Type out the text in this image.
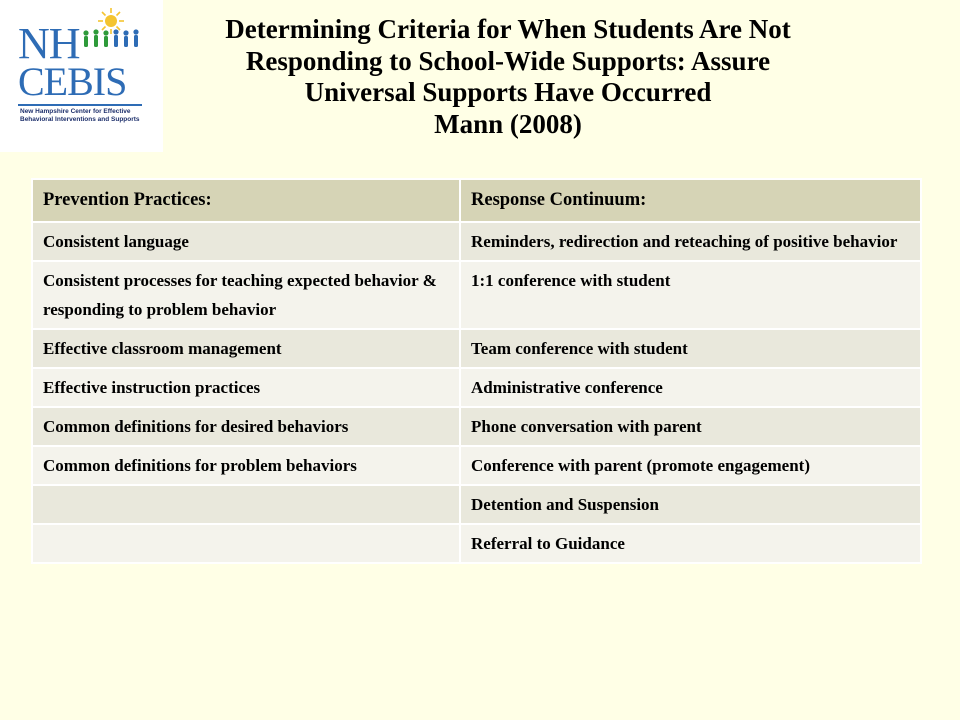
NH
CEBIS
New Hampshire Center for Effective Behavioral Interventions and Supports
Determining Criteria for When Students Are Not
Responding to School-Wide Supports: Assure
Universal Supports Have Occurred
Mann (2008)
Prevention Practices:	Response Continuum:
Consistent language	Reminders, redirection and reteaching of positive behavior
Consistent processes for teaching expected behavior & responding to problem behavior	1:1 conference with student
Effective classroom management	Team conference with student
Effective instruction practices	Administrative conference
Common definitions for desired behaviors	Phone conversation with parent
Common definitions for problem behaviors	Conference with parent (promote engagement)
	Detention and Suspension
	Referral to Guidance
